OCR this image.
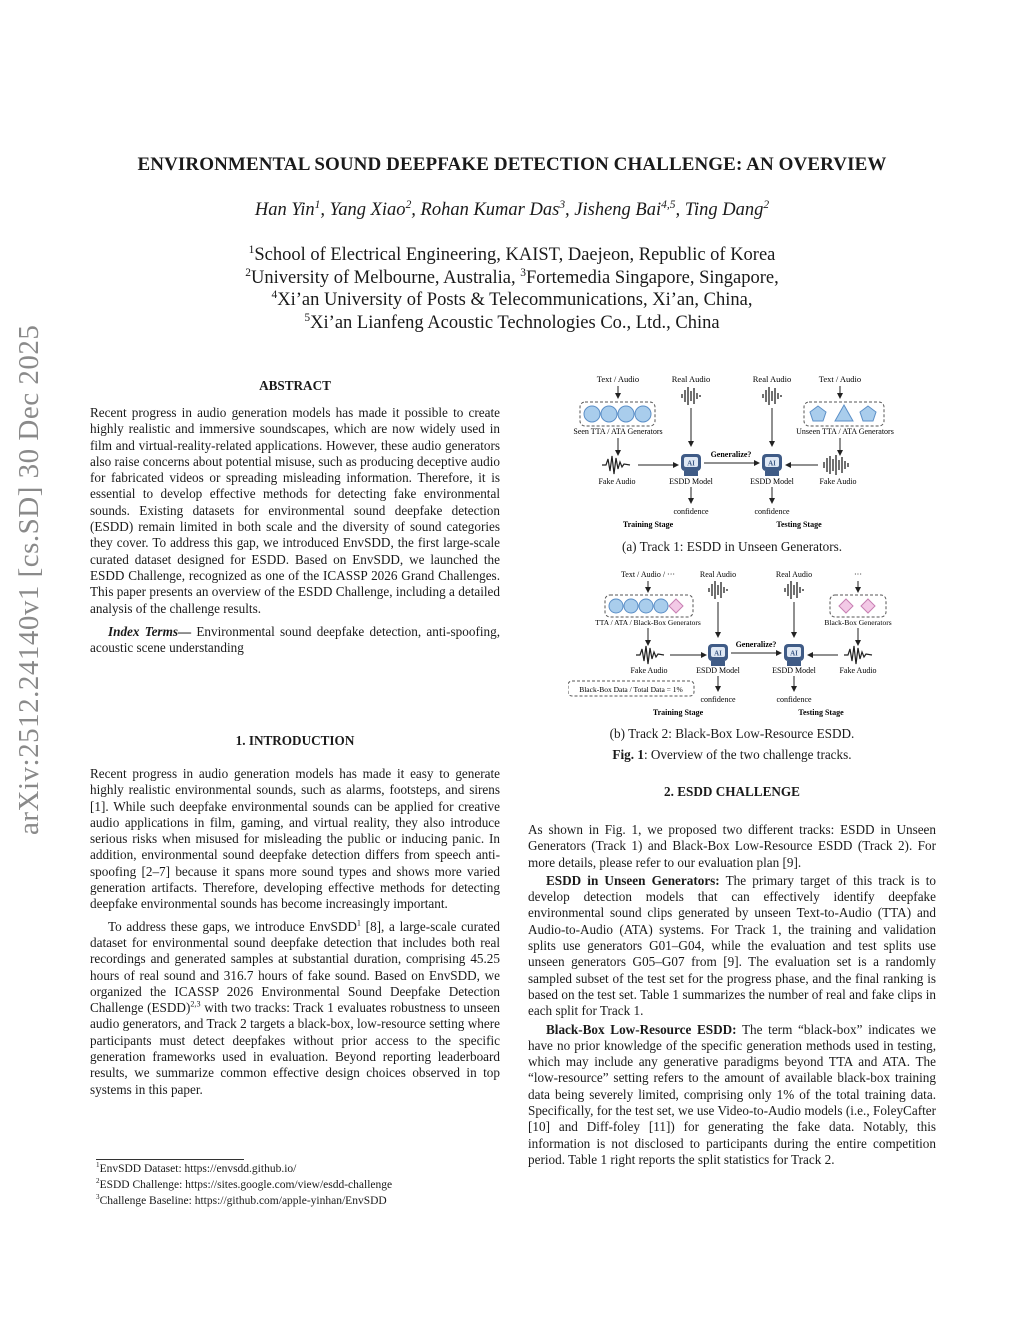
arXiv:2512.24140v1 [cs.SD] 30 Dec 2025
ENVIRONMENTAL SOUND DEEPFAKE DETECTION CHALLENGE: AN OVERVIEW
Han Yin$^1$, Yang Xiao$^2$, Rohan Kumar Das$^3$, Jisheng Bai$^{4,5}$, Ting Dang$^2$
$^1$School of Electrical Engineering, KAIST, Daejeon, Republic of Korea
$^2$University of Melbourne, Australia, $^3$Fortemedia Singapore, Singapore,
$^4$Xi’an University of Posts & Telecommunications, Xi’an, China,
$^5$Xi’an Lianfeng Acoustic Technologies Co., Ltd., China
ABSTRACT

Recent progress in audio generation models has made it possible to create highly realistic and immersive soundscapes, which are now widely used in film and virtual-reality-related applications. However, these audio generators also raise concerns about potential misuse, such as producing deceptive audio for fabricated videos or spreading misleading information. Therefore, it is essential to develop effective methods for detecting fake environmental sounds. Existing datasets for environmental sound deepfake detection (ESDD) remain limited in both scale and the diversity of sound categories they cover. To address this gap, we introduced EnvSDD, the first large-scale curated dataset designed for ESDD. Based on EnvSDD, we launched the ESDD Challenge, recognized as one of the ICASSP 2026 Grand Challenges. This paper presents an overview of the ESDD Challenge, including a detailed analysis of the challenge results.

Index Terms— Environmental sound deepfake detection, anti-spoofing, acoustic scene understanding

1. INTRODUCTION

Recent progress in audio generation models has made it easy to generate highly realistic environmental sounds, such as alarms, footsteps, and sirens [1]. While such deepfake environmental sounds can be applied for creative audio applications in film, gaming, and virtual reality, they also introduce serious risks when misused for misleading the public or inducing panic. In addition, environmental sound deepfake detection differs from speech anti-spoofing [2–7] because it spans more sound types and shows more varied generation artifacts. Therefore, developing effective methods for detecting deepfake environmental sounds has become increasingly important.

To address these gaps, we introduce EnvSDD$^1$ [8], a large-scale curated dataset for environmental sound deepfake detection that includes both real recordings and generated samples at substantial duration, comprising 45.25 hours of real sound and 316.7 hours of fake sound. Based on EnvSDD, we organized the ICASSP 2026 Environmental Sound Deepfake Detection Challenge (ESDD)$^{2,3}$ with two tracks: Track 1 evaluates robustness to unseen audio generators, and Track 2 targets a black-box, low-resource setting where participants must detect deepfakes without prior access to the specific generation frameworks used in evaluation. Beyond reporting leaderboard results, we summarize common effective design choices observed in top systems in this paper.

$^1$EnvSDD Dataset: https://envsdd.github.io/
$^2$ESDD Challenge: https://sites.google.com/view/esdd-challenge
$^3$Challenge Baseline: https://github.com/apple-yinhan/EnvSDD
Text / Audio	Real Audio	Real Audio	Text / Audio
Seen TTA / ATA Generators	Unseen TTA / ATA Generators
AI	AI
Generalize?
Fake Audio	ESDD Model	ESDD Model	Fake Audio
confidence	confidence
Training Stage	Testing Stage
(a) Track 1: ESDD in Unseen Generators.
Text / Audio / ···	Real Audio	Real Audio	···
TTA / ATA / Black-Box Generators	Black-Box Generators
AI	AI
Generalize?
Fake Audio	ESDD Model	ESDD Model	Fake Audio
Black-Box Data / Total Data = 1%
confidence	confidence
Training Stage	Testing Stage
(b) Track 2: Black-Box Low-Resource ESDD.
Fig. 1: Overview of the two challenge tracks.
2. ESDD CHALLENGE

As shown in Fig. 1, we proposed two different tracks: ESDD in Unseen Generators (Track 1) and Black-Box Low-Resource ESDD (Track 2). For more details, please refer to our evaluation plan [9].

ESDD in Unseen Generators: The primary target of this track is to develop detection models that can effectively identify deepfake environmental sound clips generated by unseen Text-to-Audio (TTA) and Audio-to-Audio (ATA) systems. For Track 1, the training and validation splits use generators G01–G04, while the evaluation and test splits use unseen generators G05–G07 from [9]. The evaluation set is a randomly sampled subset of the test set for the progress phase, and the final ranking is based on the test set. Table 1 summarizes the number of real and fake clips in each split for Track 1.

Black-Box Low-Resource ESDD: The term “black-box” indicates we have no prior knowledge of the specific generation methods used in testing, which may include any generative paradigms beyond TTA and ATA. The “low-resource” setting refers to the amount of available black-box training data being severely limited, comprising only 1% of the total training data. Specifically, for the test set, we use Video-to-Audio models (i.e., FoleyCafter [10] and Diff-foley [11]) for generating the fake data. Notably, this information is not disclosed to participants during the entire competition period. Table 1 right reports the split statistics for Track 2.
